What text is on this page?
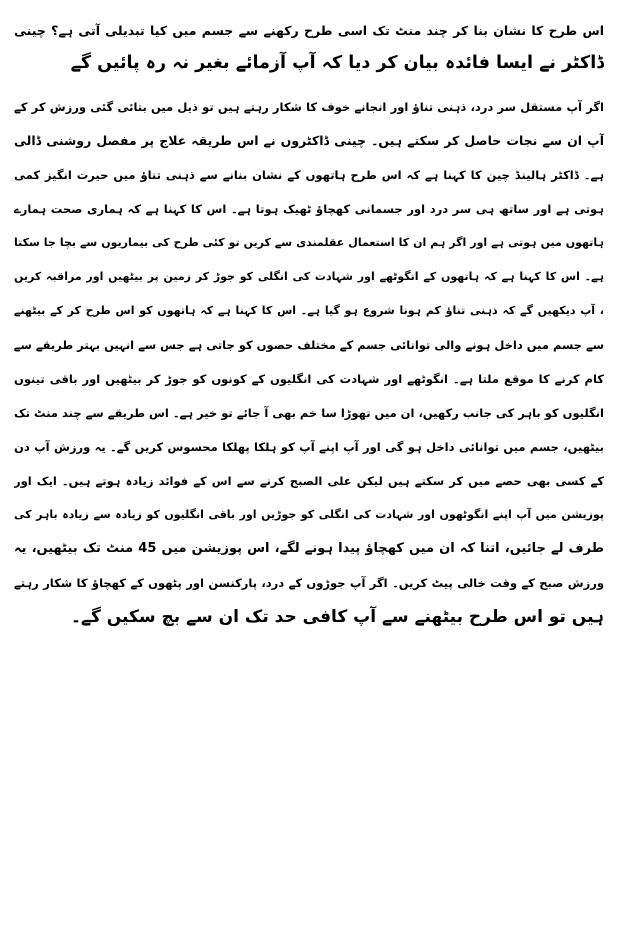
اس طرح کا نشان بنا کر چند منٹ تک اسی طرح رکھنے سے جسم میں کیا تبدیلی آتی ہے؟ چینی
ڈاکٹر نے ایسا فائدہ بیان کر دیا کہ آپ آزمائے بغیر نہ رہ پائیں گے
اگر آپ مستقل سر درد، ذہنی تناؤ اور انجانے خوف کا شکار رہتے ہیں تو ذیل میں بتائی گئی ورزش کر کے
آپ ان سے نجات حاصل کر سکتے ہیں۔ چینی ڈاکٹروں نے اس طریقہ علاج پر مفصل روشنی ڈالی
ہے۔ ڈاکٹر ہالینڈ چین کا کہنا ہے کہ اس طرح ہاتھوں کے نشان بنانے سے ذہنی تناؤ میں حیرت انگیز کمی
ہوتی ہے اور ساتھ ہی سر درد اور جسمانی کھچاؤ ٹھیک ہوتا ہے۔ اس کا کہنا ہے کہ ہماری صحت ہمارے
ہاتھوں میں ہوتی ہے اور اگر ہم ان کا استعمال عقلمندی سے کریں تو کئی طرح کی بیماریوں سے بچا جا سکتا
ہے۔ اس کا کہنا ہے کہ ہاتھوں کے انگوٹھے اور شہادت کی انگلی کو جوڑ کر زمین پر بیٹھیں اور مراقبہ کریں
، آپ دیکھیں گے کہ ذہنی تناؤ کم ہونا شروع ہو گیا ہے۔ اس کا کہنا ہے کہ ہاتھوں کو اس طرح کر کے بیٹھنے
سے جسم میں داخل ہونے والی توانائی جسم کے مختلف حصوں کو جاتی ہے جس سے انہیں بہتر طریقے سے
کام کرنے کا موقع ملتا ہے۔ انگوٹھے اور شہادت کی انگلیوں کے کونوں کو جوڑ کر بیٹھیں اور باقی تینوں
انگلیوں کو باہر کی جانب رکھیں، ان میں تھوڑا سا خم بھی آ جائے تو خیر ہے۔ اس طریقے سے چند منٹ تک
بیٹھیں، جسم میں توانائی داخل ہو گی اور آپ اپنے آپ کو ہلکا پھلکا محسوس کریں گے۔ یہ ورزش آپ دن
کے کسی بھی حصے میں کر سکتے ہیں لیکن علی الصبح کرنے سے اس کے فوائد زیادہ ہوتے ہیں۔ ایک اور
پوزیشن میں آپ اپنے انگوٹھوں اور شہادت کی انگلی کو جوڑیں اور باقی انگلیوں کو زیادہ سے زیادہ باہر کی
طرف لے جائیں، اتنا کہ ان میں کھچاؤ پیدا ہونے لگے، اس پوزیشن میں 45 منٹ تک بیٹھیں، یہ
ورزش صبح کے وقت خالی پیٹ کریں۔ اگر آپ جوڑوں کے درد، پارکنسن اور پٹھوں کے کھچاؤ کا شکار رہتے
ہیں تو اس طرح بیٹھنے سے آپ کافی حد تک ان سے بچ سکیں گے۔
